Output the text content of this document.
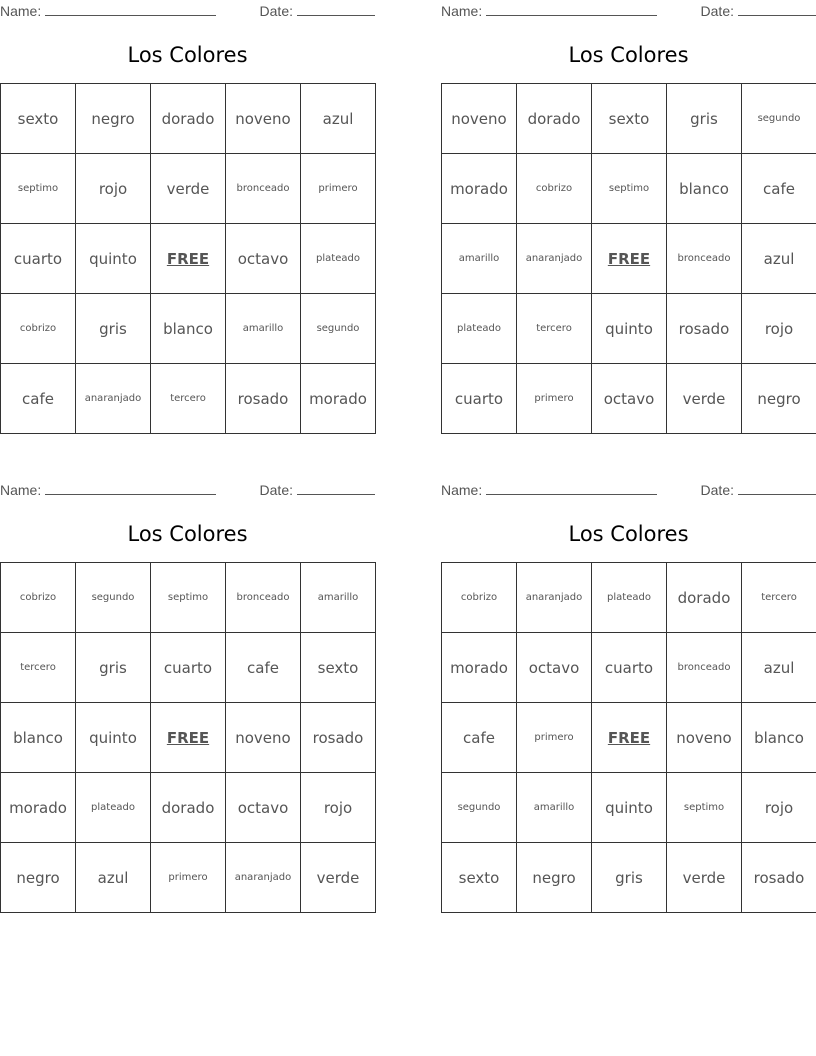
Name:	Date:
Los Colores
sexto	negro	dorado	noveno	azul
septimo	rojo	verde	bronceado	primero
cuarto	quinto	FREE	octavo	plateado
cobrizo	gris	blanco	amarillo	segundo
cafe	anaranjado	tercero	rosado	morado
Name:	Date:
Los Colores
noveno	dorado	sexto	gris	segundo
morado	cobrizo	septimo	blanco	cafe
amarillo	anaranjado	FREE	bronceado	azul
plateado	tercero	quinto	rosado	rojo
cuarto	primero	octavo	verde	negro
Name:	Date:
Los Colores
cobrizo	segundo	septimo	bronceado	amarillo
tercero	gris	cuarto	cafe	sexto
blanco	quinto	FREE	noveno	rosado
morado	plateado	dorado	octavo	rojo
negro	azul	primero	anaranjado	verde
Name:	Date:
Los Colores
cobrizo	anaranjado	plateado	dorado	tercero
morado	octavo	cuarto	bronceado	azul
cafe	primero	FREE	noveno	blanco
segundo	amarillo	quinto	septimo	rojo
sexto	negro	gris	verde	rosado
